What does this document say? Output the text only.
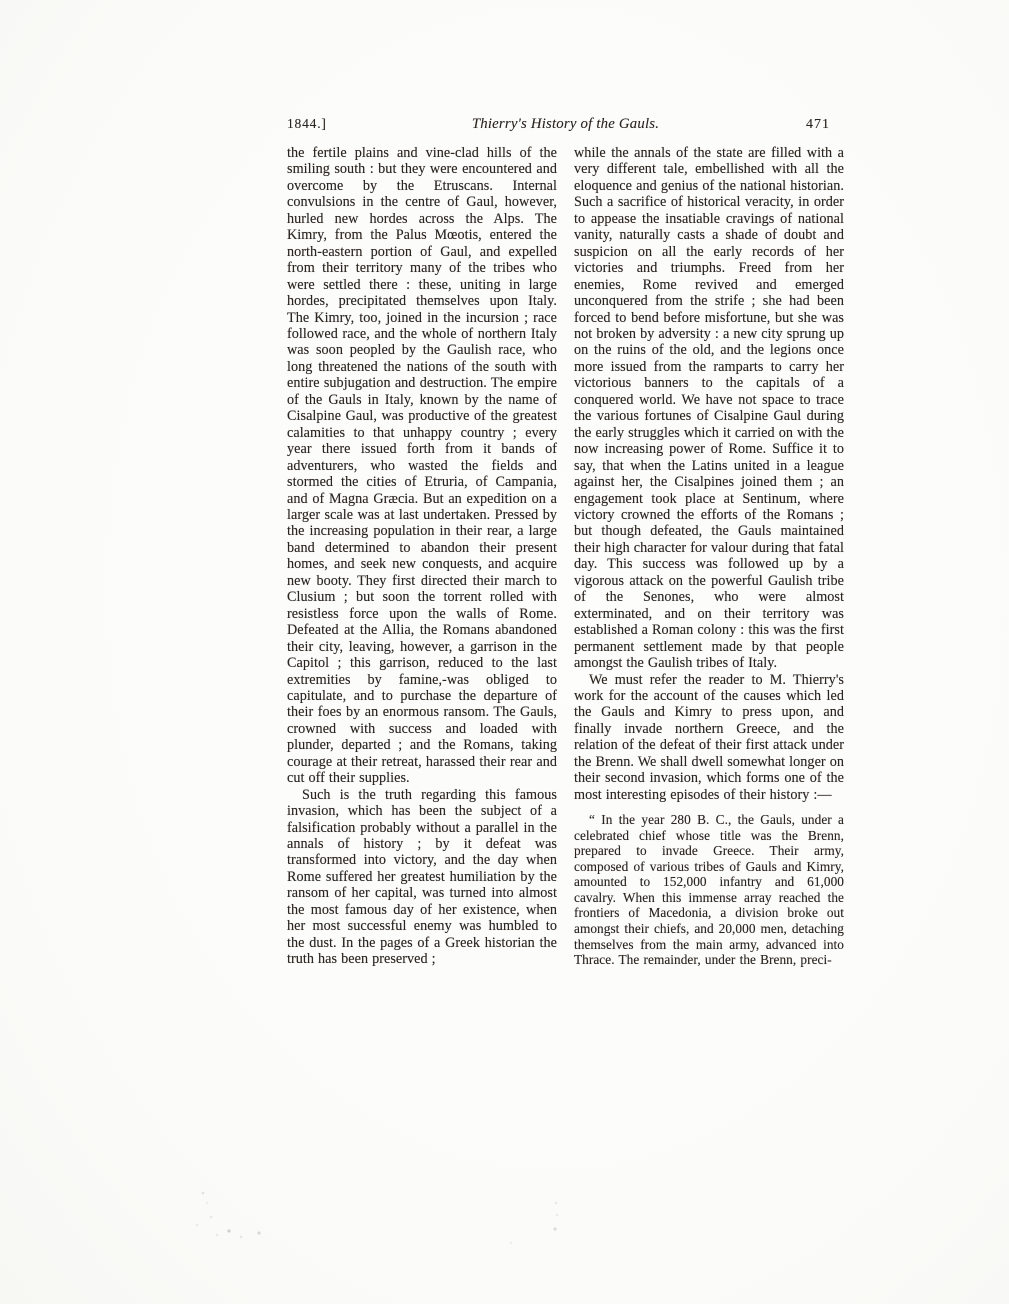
1844.]	Thierry's History of the Gauls.	471

the fertile plains and vine-clad hills of the smiling south : but they were encountered and overcome by the Etruscans. Internal convulsions in the centre of Gaul, however, hurled new hordes across the Alps. The Kimry, from the Palus Mœotis, entered the north-eastern portion of Gaul, and expelled from their territory many of the tribes who were settled there : these, uniting in large hordes, precipitated themselves upon Italy. The Kimry, too, joined in the incursion ; race followed race, and the whole of northern Italy was soon peopled by the Gaulish race, who long threatened the nations of the south with entire subjugation and destruction. The empire of the Gauls in Italy, known by the name of Cisalpine Gaul, was productive of the greatest calamities to that unhappy country ; every year there issued forth from it bands of adventurers, who wasted the fields and stormed the cities of Etruria, of Campania, and of Magna Græcia. But an expedition on a larger scale was at last undertaken. Pressed by the increasing population in their rear, a large band determined to abandon their present homes, and seek new conquests, and acquire new booty. They first directed their march to Clusium ; but soon the torrent rolled with resistless force upon the walls of Rome. Defeated at the Allia, the Romans abandoned their city, leaving, however, a garrison in the Capitol ; this garrison, reduced to the last extremities by famine,-was obliged to capitulate, and to purchase the departure of their foes by an enormous ransom. The Gauls, crowned with success and loaded with plunder, departed ; and the Romans, taking courage at their retreat, harassed their rear and cut off their supplies.

Such is the truth regarding this famous invasion, which has been the subject of a falsification probably without a parallel in the annals of history ; by it defeat was transformed into victory, and the day when Rome suffered her greatest humiliation by the ransom of her capital, was turned into almost the most famous day of her existence, when her most successful enemy was humbled to the dust. In the pages of a Greek historian the truth has been preserved ;

while the annals of the state are filled with a very different tale, embellished with all the eloquence and genius of the national historian. Such a sacrifice of historical veracity, in order to appease the insatiable cravings of national vanity, naturally casts a shade of doubt and suspicion on all the early records of her victories and triumphs. Freed from her enemies, Rome revived and emerged unconquered from the strife ; she had been forced to bend before misfortune, but she was not broken by adversity : a new city sprung up on the ruins of the old, and the legions once more issued from the ramparts to carry her victorious banners to the capitals of a conquered world. We have not space to trace the various fortunes of Cisalpine Gaul during the early struggles which it carried on with the now increasing power of Rome. Suffice it to say, that when the Latins united in a league against her, the Cisalpines joined them ; an engagement took place at Sentinum, where victory crowned the efforts of the Romans ; but though defeated, the Gauls maintained their high character for valour during that fatal day. This success was followed up by a vigorous attack on the powerful Gaulish tribe of the Senones, who were almost exterminated, and on their territory was established a Roman colony : this was the first permanent settlement made by that people amongst the Gaulish tribes of Italy.

We must refer the reader to M. Thierry's work for the account of the causes which led the Gauls and Kimry to press upon, and finally invade northern Greece, and the relation of the defeat of their first attack under the Brenn. We shall dwell somewhat longer on their second invasion, which forms one of the most interesting episodes of their history :—

“ In the year 280 B. C., the Gauls, under a celebrated chief whose title was the Brenn, prepared to invade Greece. Their army, composed of various tribes of Gauls and Kimry, amounted to 152,000 infantry and 61,000 cavalry. When this immense array reached the frontiers of Macedonia, a division broke out amongst their chiefs, and 20,000 men, detaching themselves from the main army, advanced into Thrace. The remainder, under the Brenn, preci-
